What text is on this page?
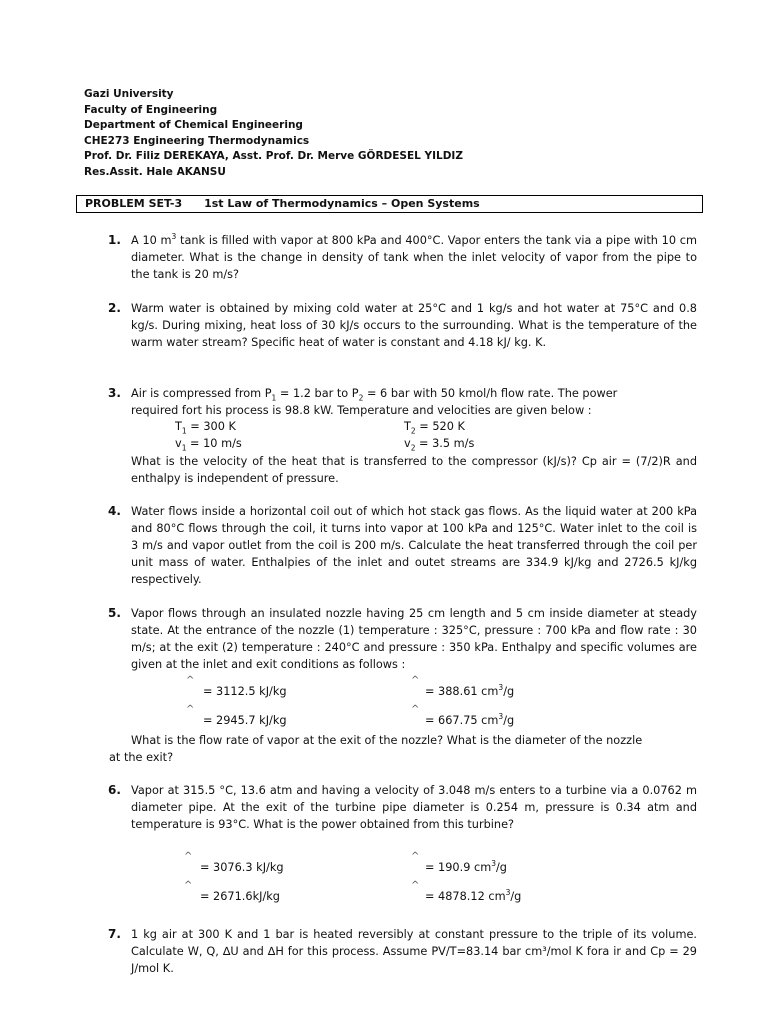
Gazi University
Faculty of Engineering
Department of Chemical Engineering
CHE273 Engineering Thermodynamics
Prof. Dr. Filiz DEREKAYA, Asst. Prof. Dr. Merve GÖRDESEL YILDIZ
Res.Assit. Hale AKANSU
PROBLEM SET-3 1st Law of Thermodynamics – Open Systems
1. A 10 $m^3$ tank is filled with vapor at 800 kPa and 400°C. Vapor enters the tank via a pipe with 10 cm diameter. What is the change in density of tank when the inlet velocity of vapor from the pipe to the tank is 20 m/s?
2. Warm water is obtained by mixing cold water at 25°C and 1 kg/s and hot water at 75°C and 0.8 kg/s. During mixing, heat loss of 30 kJ/s occurs to the surrounding. What is the temperature of the warm water stream? Specific heat of water is constant and 4.18 kJ/ kg. K.
3. Air is compressed from $P_1 = 1.2$ bar to $P_2 = 6$ bar with 50 kmol/h flow rate. The power
required fort his process is 98.8 kW. Temperature and velocities are given below :
$T_1 = 300$ K	$T_2 = 520$ K
$v_1 = 10$ m/s	$v_2 = 3.5$ m/s
What is the velocity of the heat that is transferred to the compressor (kJ/s)? Cp air = (7/2)R and enthalpy is independent of pressure.
4. Water flows inside a horizontal coil out of which hot stack gas flows. As the liquid water at 200 kPa and 80°C flows through the coil, it turns into vapor at 100 kPa and 125°C. Water inlet to the coil is 3 m/s and vapor outlet from the coil is 200 m/s. Calculate the heat transferred through the coil per unit mass of water. Enthalpies of the inlet and outet streams are 334.9 kJ/kg and 2726.5 kJ/kg respectively.
5. Vapor flows through an insulated nozzle having 25 cm length and 5 cm inside diameter at steady state. At the entrance of the nozzle (1) temperature : 325°C, pressure : 700 kPa and flow rate : 30 m/s; at the exit (2) temperature : 240°C and pressure : 350 kPa. Enthalpy and specific volumes are given at the inlet and exit conditions as follows :
^
= 3112.5 kJ/kg
^
= 388.61 $cm^3/g$
^
= 2945.7 kJ/kg
^
= 667.75 $cm^3/g$
What is the flow rate of vapor at the exit of the nozzle? What is the diameter of the nozzle
at the exit?
6. Vapor at 315.5 °C, 13.6 atm and having a velocity of 3.048 m/s enters to a turbine via a 0.0762 m diameter pipe. At the exit of the turbine pipe diameter is 0.254 m, pressure is 0.34 atm and temperature is 93°C. What is the power obtained from this turbine?
^
= 3076.3 kJ/kg
^
= 190.9 $cm^3/g$
^
= 2671.6kJ/kg
^
= 4878.12 $cm^3/g$
7. 1 kg air at 300 K and 1 bar is heated reversibly at constant pressure to the triple of its volume. Calculate W, Q, ∆U and ∆H for this process. Assume PV/T=83.14 bar cm³/mol K fora ir and Cp = 29 J/mol K.
